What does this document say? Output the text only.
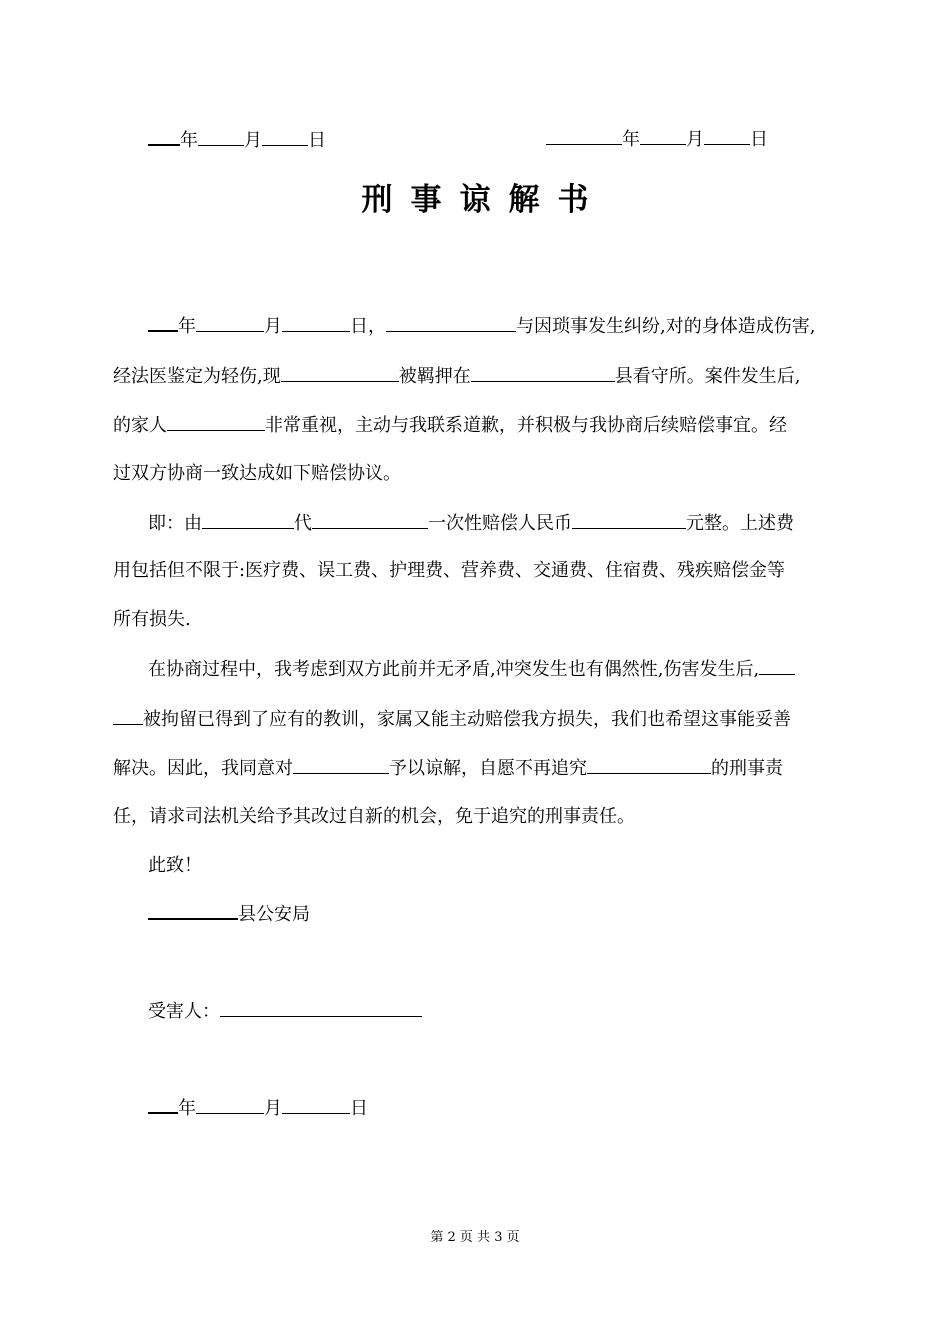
年	月	日	年	月	日
刑事谅解书
年	月	日，	与因琐事发生纠纷,对的身体造成伤害,
经法医鉴定为轻伤,现	被羁押在	县看守所。案件发生后,
的家人	非常重视，主动与我联系道歉，并积极与我协商后续赔偿事宜。经
过双方协商一致达成如下赔偿协议。
即：由	代	一次性赔偿人民币	元整。上述费
用包括但不限于:医疗费、误工费、护理费、营养费、交通费、住宿费、残疾赔偿金等
所有损失.
在协商过程中，我考虑到双方此前并无矛盾,冲突发生也有偶然性,伤害发生后,
被拘留已得到了应有的教训，家属又能主动赔偿我方损失，我们也希望这事能妥善
解决。因此，我同意对	予以谅解，自愿不再追究	的刑事责
任，请求司法机关给予其改过自新的机会，免于追究的刑事责任。
此致！
县公安局
受害人：
年	月	日
第 2 页 共 3 页
